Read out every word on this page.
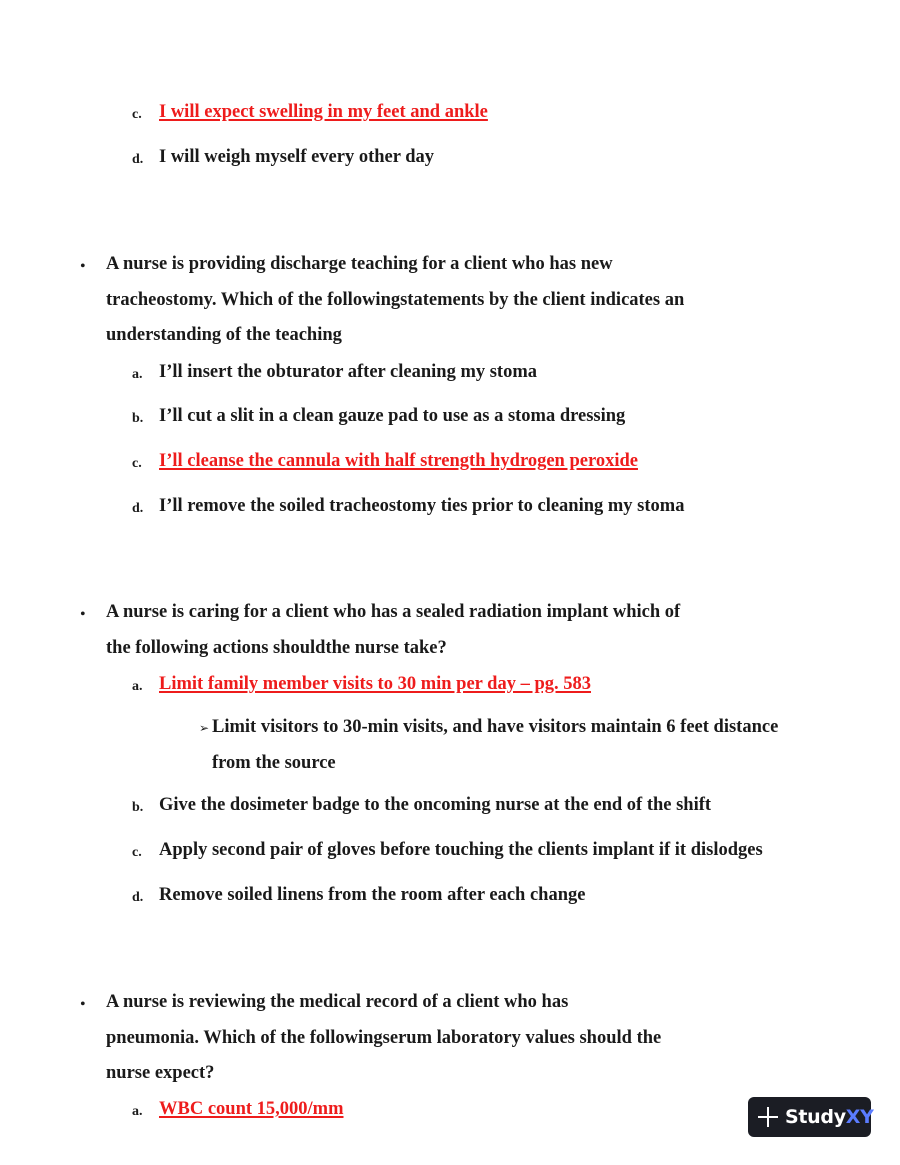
c. I will expect swelling in my feet and ankle
d. I will weigh myself every other day
• A nurse is providing discharge teaching for a client who has new
tracheostomy. Which of the followingstatements by the client indicates an
understanding of the teaching
a. I’ll insert the obturator after cleaning my stoma
b. I’ll cut a slit in a clean gauze pad to use as a stoma dressing
c. I’ll cleanse the cannula with half strength hydrogen peroxide
d. I’ll remove the soiled tracheostomy ties prior to cleaning my stoma
• A nurse is caring for a client who has a sealed radiation implant which of
the following actions shouldthe nurse take?
a. Limit family member visits to 30 min per day – pg. 583
➢ Limit visitors to 30-min visits, and have visitors maintain 6 feet distance
from the source
b. Give the dosimeter badge to the oncoming nurse at the end of the shift
c. Apply second pair of gloves before touching the clients implant if it dislodges
d. Remove soiled linens from the room after each change
• A nurse is reviewing the medical record of a client who has
pneumonia. Which of the followingserum laboratory values should the
nurse expect?
a. WBC count 15,000/mm	StudyXY
